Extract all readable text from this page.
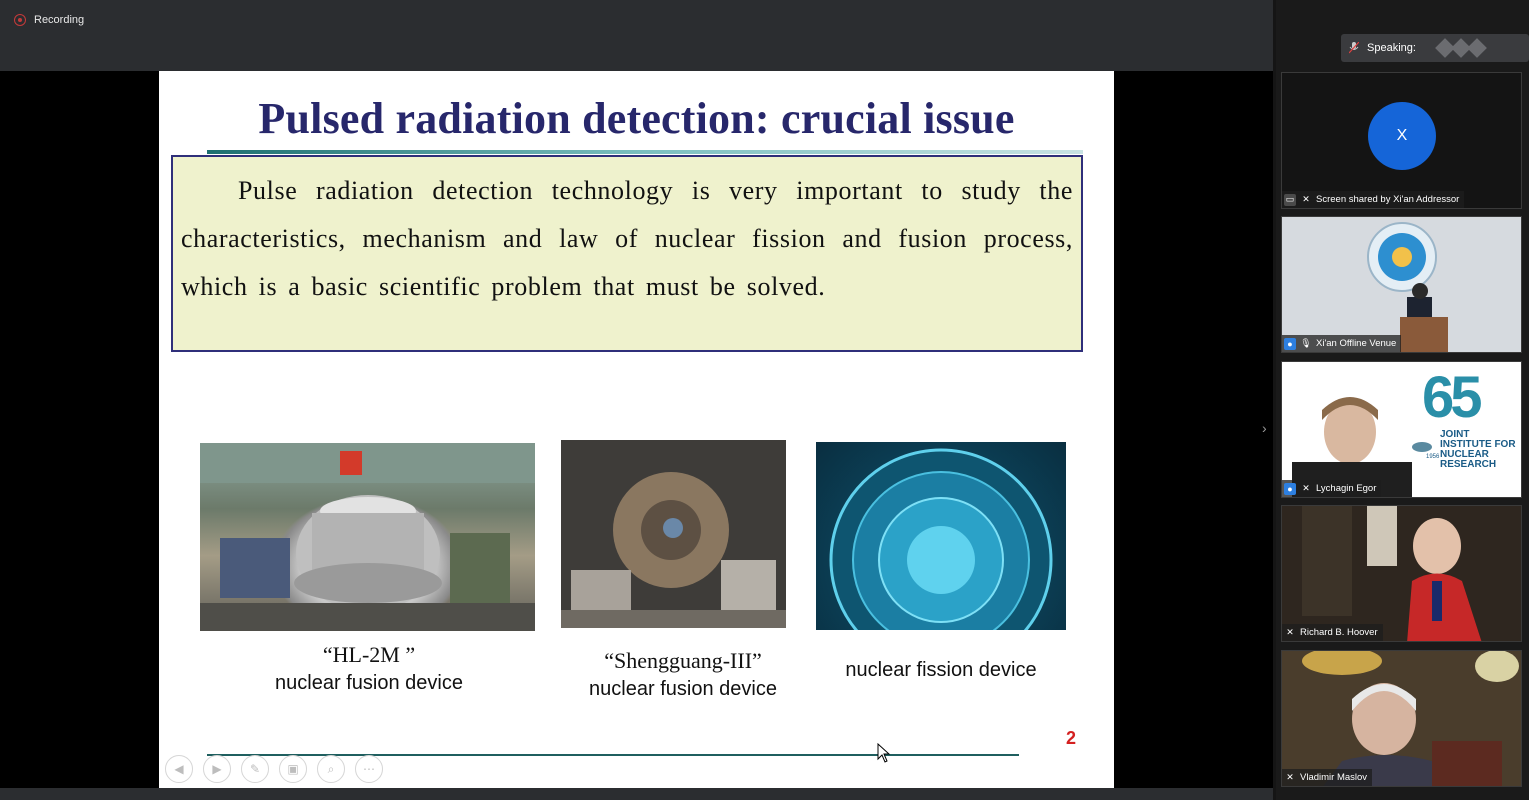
Recording
Pulsed radiation detection: crucial issue

Pulse radiation detection technology is very important to study the characteristics, mechanism and law of nuclear fission and fusion process, which is a basic scientific problem that must be solved.

“HL-2M ”
nuclear fusion device
“Shengguang-III”
nuclear fusion device
nuclear fission device
2
◀	▶	✎	▣	⌕	⋯
›
Speaking:
X
▭ ✕ Screen shared by Xi'an Addressor
● 🎙 Xi'an Offline Venue
65
1956
JOINT INSTITUTE FOR NUCLEAR RESEARCH
●	✕ Lychagin Egor
✕ Richard B. Hoover
✕ Vladimir Maslov
